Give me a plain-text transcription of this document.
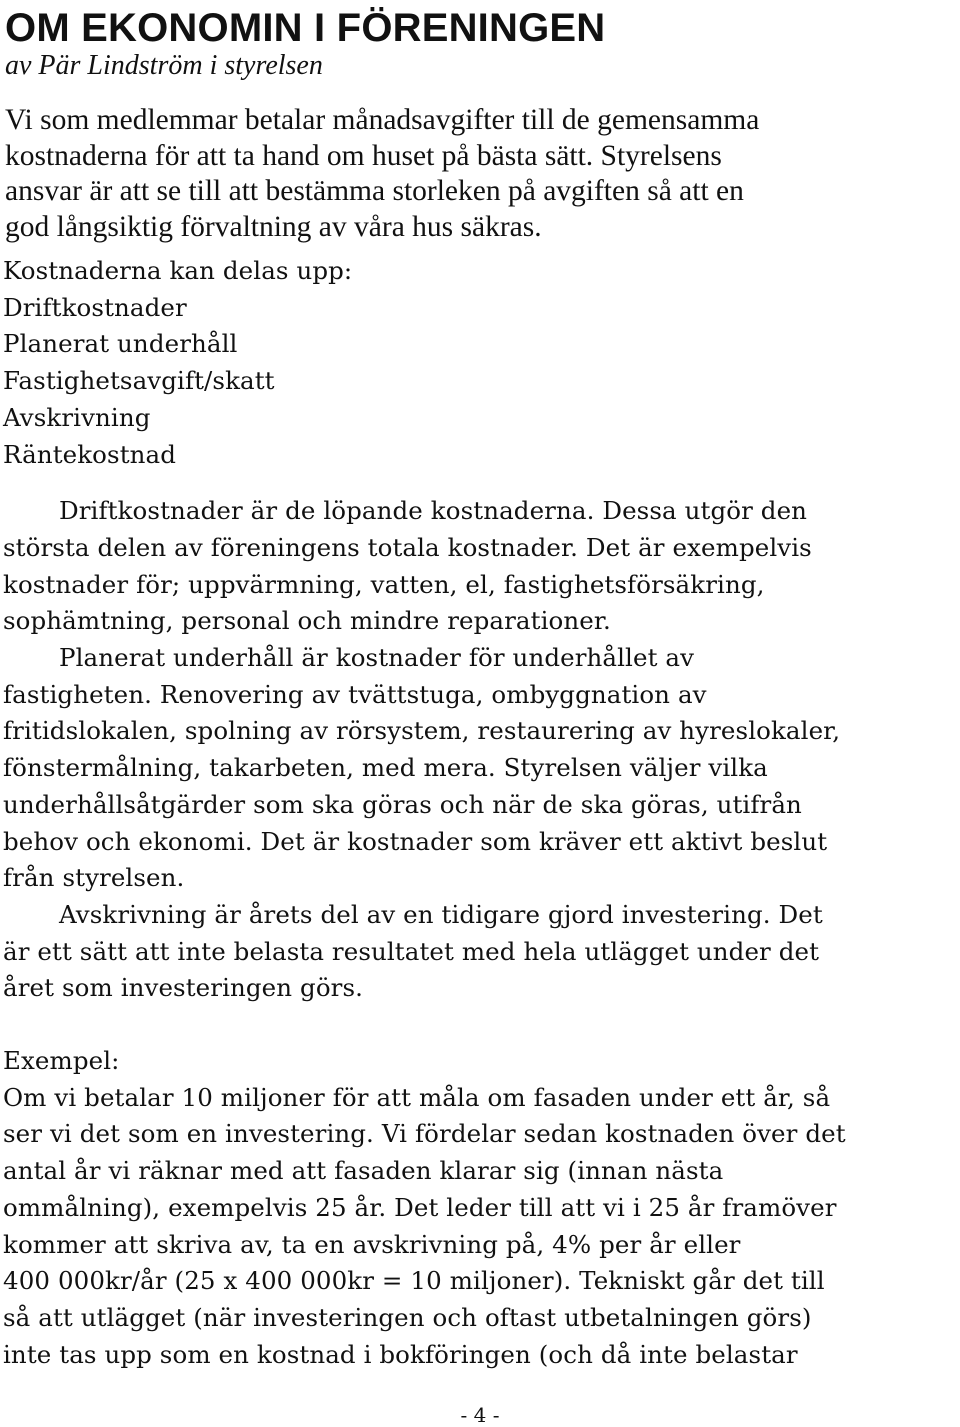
OM EKONOMIN I FÖRENINGEN
av Pär Lindström i styrelsen
Vi som medlemmar betalar månadsavgifter till de gemensamma
kostnaderna för att ta hand om huset på bästa sätt. Styrelsens
ansvar är att se till att bestämma storleken på avgiften så att en
god långsiktig förvaltning av våra hus säkras.
Kostnaderna kan delas upp:
Driftkostnader
Planerat underhåll
Fastighetsavgift/skatt
Avskrivning
Räntekostnad
Driftkostnader är de löpande kostnaderna. Dessa utgör den
största delen av föreningens totala kostnader. Det är exempelvis
kostnader för; uppvärmning, vatten, el, fastighetsförsäkring,
sophämtning, personal och mindre reparationer.
Planerat underhåll är kostnader för underhållet av
fastigheten. Renovering av tvättstuga, ombyggnation av
fritidslokalen, spolning av rörsystem, restaurering av hyreslokaler,
fönstermålning, takarbeten, med mera. Styrelsen väljer vilka
underhållsåtgärder som ska göras och när de ska göras, utifrån
behov och ekonomi. Det är kostnader som kräver ett aktivt beslut
från styrelsen.
Avskrivning är årets del av en tidigare gjord investering. Det
är ett sätt att inte belasta resultatet med hela utlägget under det
året som investeringen görs.
Exempel:
Om vi betalar 10 miljoner för att måla om fasaden under ett år, så
ser vi det som en investering. Vi fördelar sedan kostnaden över det
antal år vi räknar med att fasaden klarar sig (innan nästa
ommålning), exempelvis 25 år. Det leder till att vi i 25 år framöver
kommer att skriva av, ta en avskrivning på, 4% per år eller
400 000kr/år (25 x 400 000kr = 10 miljoner). Tekniskt går det till
så att utlägget (när investeringen och oftast utbetalningen görs)
inte tas upp som en kostnad i bokföringen (och då inte belastar
- 4 -
